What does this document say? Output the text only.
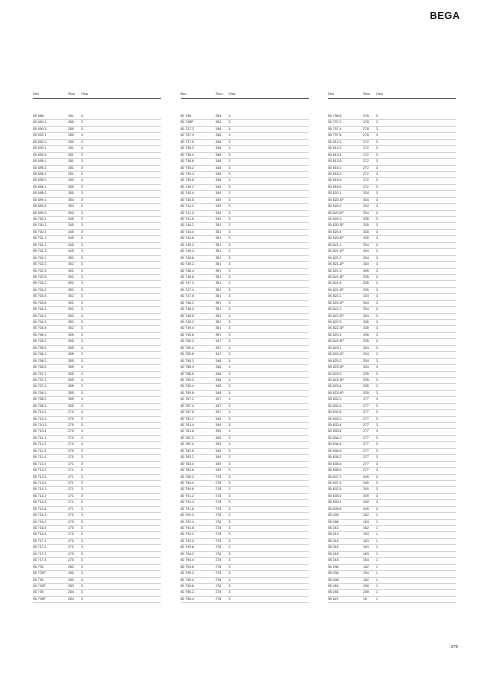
BEGA
Nro	Sivu	Osa
50 688	281	3
50 690.1	280	3
50 690.3	280	3
50 692.1	280	3
50 692.3	280	3
50 693.1	281	3
50 693.3	281	3
50 695.1	281	3
50 695.2	281	3
50 696.1	281	3
50 696.2	283	3
50 698.1	280	3
50 698.2	280	3
50 699.1	354	3
50 699.2	354	3
50 699.3	354	3
50 700.1	345	3
50 700.2	345	3
50 700.3	345	3
50 701.1	349	3
50 701.2	345	3
50 701.3	345	3
50 702.1	352	3
50 702.2	352	3
50 702.3	352	3
50 702.5	352	3
50 703.1	352	3
50 703.2	352	3
50 703.3	352	3
50 703.5	352	3
50 704.1	352	3
50 704.2	352	3
50 704.3	352	3
50 704.5	352	3
50 705.1	355	3
50 705.2	355	3
50 705.3	355	3
50 706.1	355	3
50 706.2	355	3
50 706.3	355	3
50 707.1	355	3
50 707.2	355	3
50 707.3	355	3
50 708.1	355	3
50 708.2	355	3
50 708.3	355	3
50 710.1	270	3
50 710.2	270	3
50 710.3	270	3
50 710.4	270	3
50 711.1	270	3
50 711.2	270	3
50 711.3	270	3
50 711.4	270	3
50 713.1	271	3
50 713.2	271	3
50 713.3	271	3
50 713.4	271	3
50 714.1	271	3
50 714.2	271	3
50 714.3	271	3
50 714.4	271	3
50 716.1	270	3
50 716.2	270	3
50 716.3	270	3
50 716.4	270	3
50 717.1	270	3
50 717.2	270	3
50 717.3	270	3
50 717.4	270	3
50 733	283	3
50 733P	283	3
50 734	283	3
50 734P	283	3
50 735	284	3
50 735P	284	3
Nro	Sivu	Osa
50 736	284	3
50 736P	284	3
50 737.2	348	3
50 737.4	348	3
50 737.6	348	3
50 738.2	348	3
50 738.4	348	3
50 738.6	348	3
50 739.2	348	3
50 739.4	348	3
50 739.6	348	3
50 740.2	349	3
50 740.4	349	3
50 740.6	349	3
50 741.2	349	3
50 741.4	349	3
50 741.6	349	3
50 744.2	351	3
50 744.4	351	3
50 744.6	351	3
50 745.2	351	3
50 745.4	351	3
50 745.6	351	3
50 746.2	351	3
50 746.4	351	3
50 746.6	351	3
50 747.2	351	3
50 747.4	351	3
50 747.6	351	3
50 748.2	351	3
50 748.4	351	3
50 748.6	351	3
50 749.2	351	3
50 749.4	351	3
50 749.6	351	3
50 750.2	347	3
50 750.4	347	3
50 750.6	347	3
50 758.2	348	3
50 758.4	348	3
50 758.6	348	3
50 759.2	348	3
50 759.4	348	3
50 759.6	348	3
50 767.2	347	3
50 767.4	347	3
50 767.6	347	3
50 781.2	349	3
50 781.4	349	3
50 781.6	349	3
50 782.2	349	3
50 782.4	349	3
50 782.6	349	3
50 783.2	349	3
50 783.4	349	3
50 783.6	349	3
50 790.2	278	3
50 790.4	278	3
50 790.6	278	3
50 791.2	278	3
50 791.4	278	3
50 791.6	278	3
50 792.2	278	3
50 792.4	278	3
50 792.6	278	3
50 793.2	278	3
50 793.4	278	3
50 793.6	278	3
50 794.2	278	3
50 794.4	278	3
50 794.6	278	3
50 795.2	278	3
50 795.4	278	3
50 795.6	278	3
50 796.2	278	3
50 796.4	278	3
Nro	Sivu	Osa
50 796.6	278	3
50 797.2	278	3
50 797.4	278	3
50 797.6	278	3
50 813.1	272	3
50 813.2	272	3
50 813.4	272	3
50 813.6	272	3
50 815.1	272	3
50 815.2	272	3
50 815.4	272	3
50 815.6	272	3
50 820.1	334	3
50 820.1P	334	3
50 820.2	334	3
50 820.2P	334	3
50 820.3	335	3
50 820.3P	335	3
50 820.4	335	3
50 820.4P	335	3
50 821.1	334	3
50 821.1P	334	3
50 821.2	334	3
50 821.2P	334	3
50 821.3	335	3
50 821.3P	335	3
50 821.4	335	3
50 821.4P	335	3
50 822.1	334	3
50 822.1P	334	3
50 822.2	334	3
50 822.2P	334	3
50 822.3	335	3
50 822.3P	335	3
50 822.4	335	3
50 822.4P	335	3
50 823.1	334	3
50 823.1P	334	3
50 823.2	334	3
50 823.2P	334	3
50 823.3	335	3
50 823.3P	335	3
50 823.4	335	3
50 823.4P	335	3
50 832.2	277	3
50 832.4	277	3
50 832.6	277	3
50 833.2	277	3
50 833.4	277	3
50 833.6	277	3
50 834.2	277	3
50 834.4	277	3
50 834.6	277	3
50 835.2	277	3
50 835.4	277	3
50 835.6	277	3
50 837.2	349	3
50 837.4	349	3
50 837.6	349	3
50 839.2	349	3
50 839.4	349	3
50 839.6	349	3
55 005	162	1
55 008	154	1
55 010	162	1
55 013	163	1
55 014	163	1
55 015	163	1
55 016	163	1
55 018	154	1
55 036	162	1
55 038	154	1
55 046	162	1
55 453	208	1
55 454	208	1
55 821	18	1
379
